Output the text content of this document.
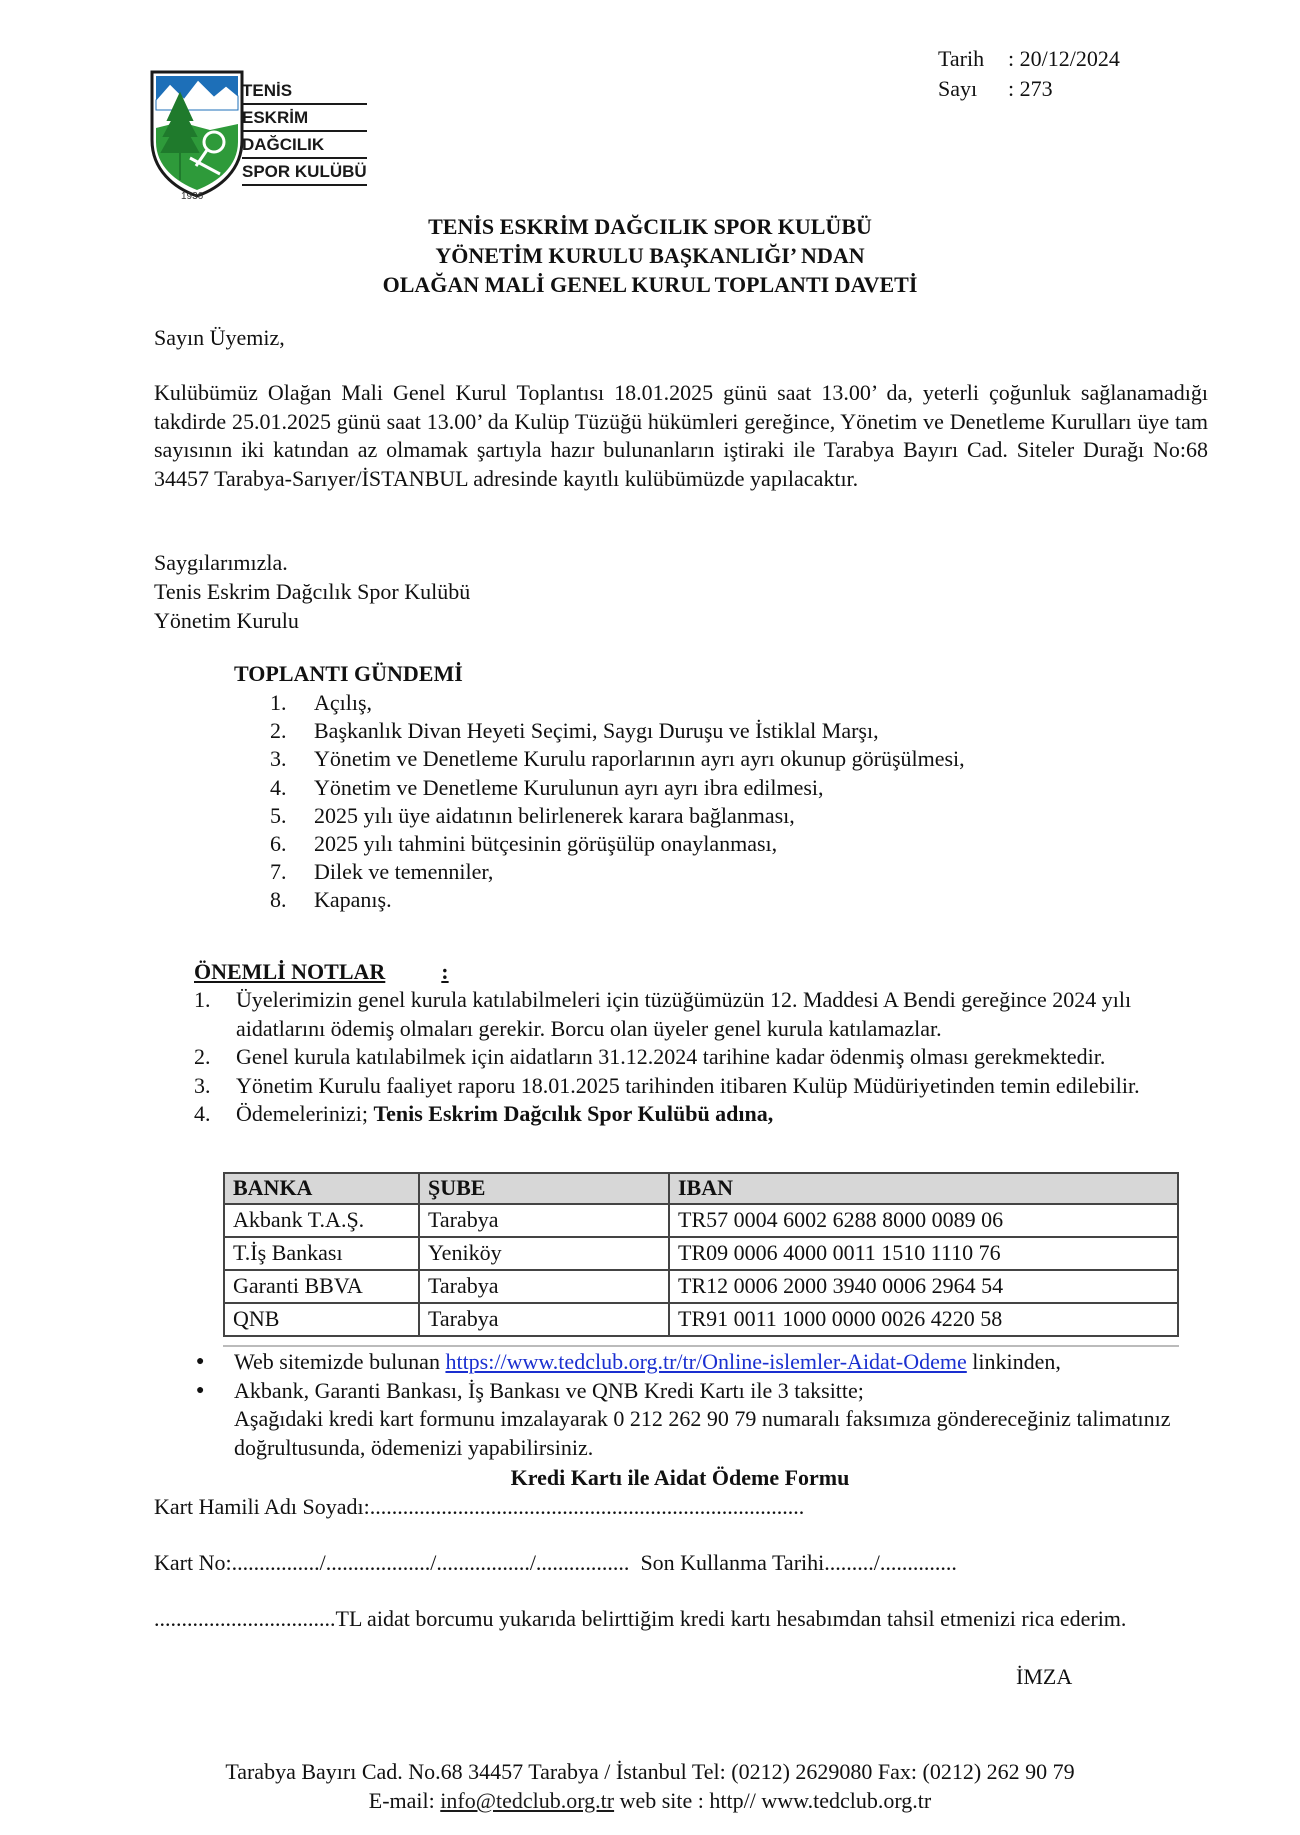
Tarih	: 20/12/2024
Sayı	: 273
TENİS
ESKRİM
DAĞCILIK
SPOR KULÜBÜ
1936
TENİS ESKRİM DAĞCILIK SPOR KULÜBÜ
YÖNETİM KURULU BAŞKANLIĞI’ NDAN
OLAĞAN MALİ GENEL KURUL TOPLANTI DAVETİ
Sayın Üyemiz,
Kulübümüz Olağan Mali Genel Kurul Toplantısı 18.01.2025 günü saat 13.00’ da, yeterli çoğunluk sağlanamadığı takdirde 25.01.2025 günü saat 13.00’ da Kulüp Tüzüğü hükümleri gereğince, Yönetim ve Denetleme Kurulları üye tam sayısının iki katından az olmamak şartıyla hazır bulunanların iştiraki ile Tarabya Bayırı Cad. Siteler Durağı No:68 34457 Tarabya-Sarıyer/İSTANBUL adresinde kayıtlı kulübümüzde yapılacaktır.
Saygılarımızla.
Tenis Eskrim Dağcılık Spor Kulübü
Yönetim Kurulu
TOPLANTI GÜNDEMİ
1.	Açılış,
2.	Başkanlık Divan Heyeti Seçimi, Saygı Duruşu ve İstiklal Marşı,
3.	Yönetim ve Denetleme Kurulu raporlarının ayrı ayrı okunup görüşülmesi,
4.	Yönetim ve Denetleme Kurulunun ayrı ayrı ibra edilmesi,
5.	2025 yılı üye aidatının belirlenerek karara bağlanması,
6.	2025 yılı tahmini bütçesinin görüşülüp onaylanması,
7.	Dilek ve temenniler,
8.	Kapanış.
ÖNEMLİ NOTLAR	:
1.	Üyelerimizin genel kurula katılabilmeleri için tüzüğümüzün 12. Maddesi A Bendi gereğince 2024 yılı aidatlarını ödemiş olmaları gerekir. Borcu olan üyeler genel kurula katılamazlar.
2.	Genel kurula katılabilmek için aidatların 31.12.2024 tarihine kadar ödenmiş olması gerekmektedir.
3.	Yönetim Kurulu faaliyet raporu 18.01.2025 tarihinden itibaren Kulüp Müdüriyetinden temin edilebilir.
4.	Ödemelerinizi; Tenis Eskrim Dağcılık Spor Kulübü adına,
BANKA	ŞUBE	IBAN
Akbank T.A.Ş.	Tarabya	TR57 0004 6002 6288 8000 0089 06
T.İş Bankası	Yeniköy	TR09 0006 4000 0011 1510 1110 76
Garanti BBVA	Tarabya	TR12 0006 2000 3940 0006 2964 54
QNB	Tarabya	TR91 0011 1000 0000 0026 4220 58
●	Web sitemizde bulunan https://www.tedclub.org.tr/tr/Online-islemler-Aidat-Odeme linkinden,
●	Akbank, Garanti Bankası, İş Bankası ve QNB Kredi Kartı ile 3 taksitte;
Aşağıdaki kredi kart formunu imzalayarak 0 212 262 90 79 numaralı faksımıza göndereceğiniz talimatınız doğrultusunda, ödemenizi yapabilirsiniz.
Kredi Kartı ile Aidat Ödeme Formu
Kart Hamili Adı Soyadı:...............................................................................
Kart No:................/.................../................./................. Son Kullanma Tarihi........./..............
.................................TL aidat borcumu yukarıda belirttiğim kredi kartı hesabımdan tahsil etmenizi rica ederim.
İMZA
Tarabya Bayırı Cad. No.68 34457 Tarabya / İstanbul Tel: (0212) 2629080 Fax: (0212) 262 90 79
E-mail: info@tedclub.org.tr web site : http// www.tedclub.org.tr
